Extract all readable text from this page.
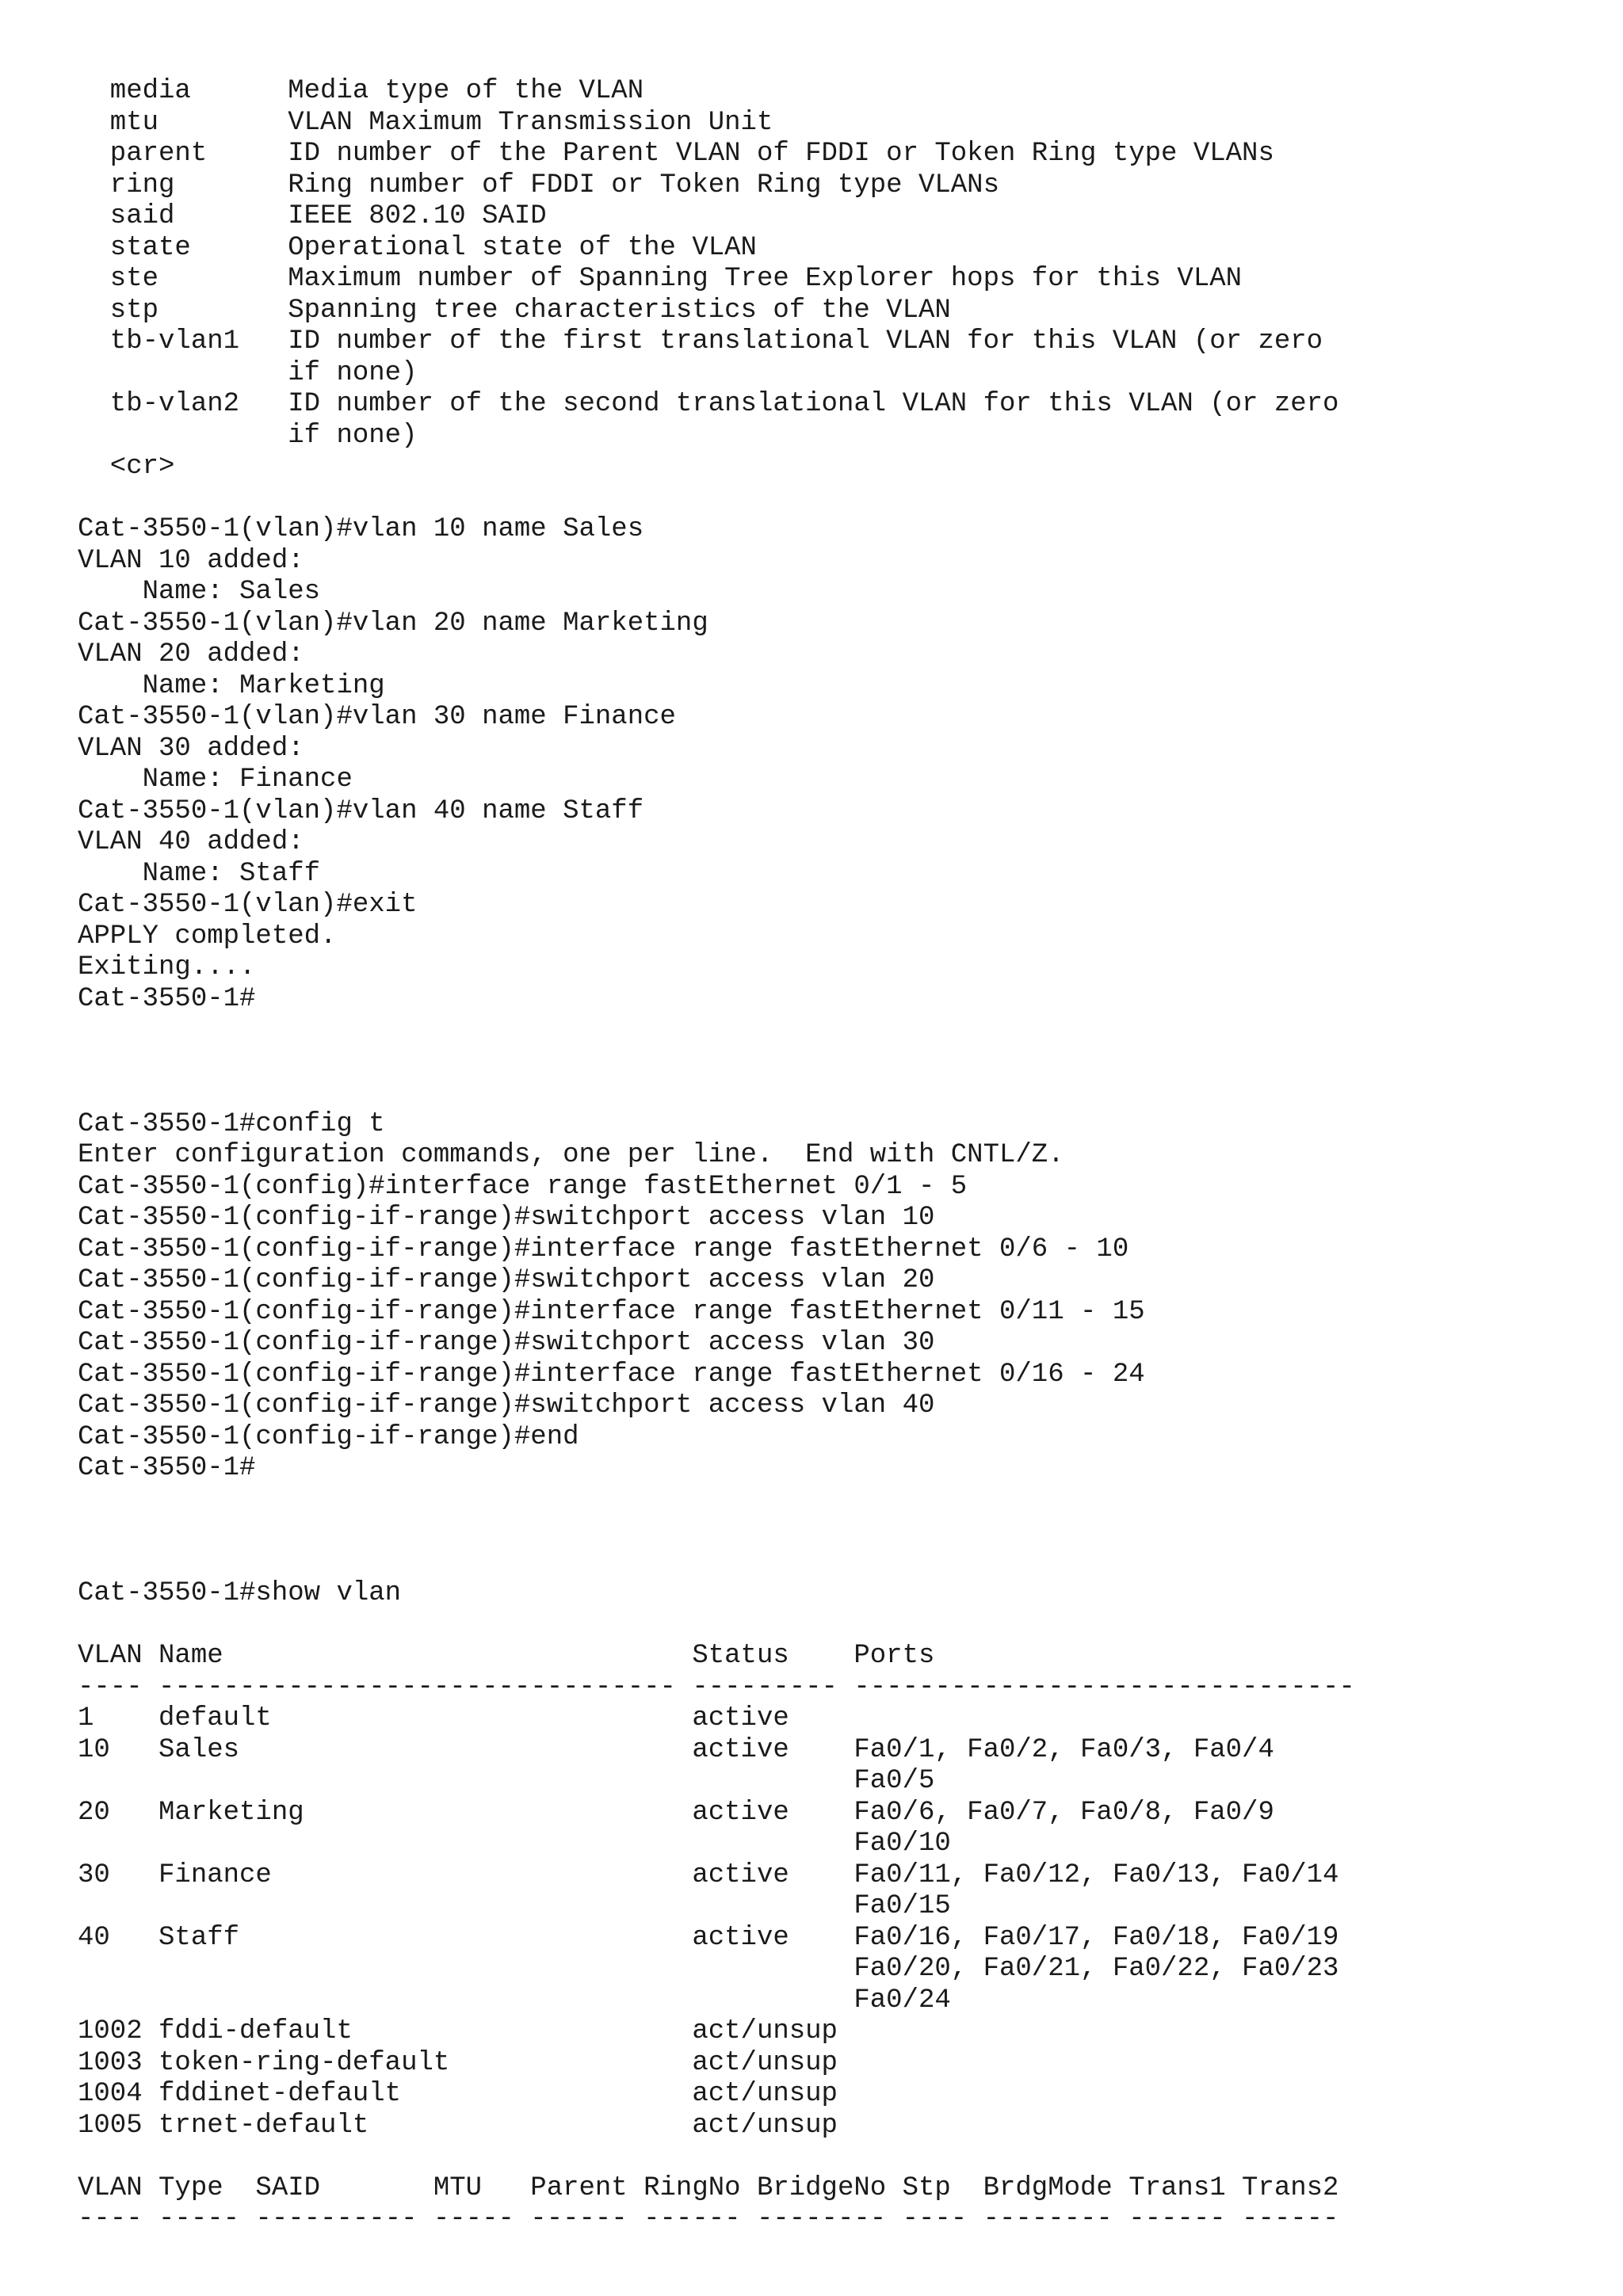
media      Media type of the VLAN
mtu        VLAN Maximum Transmission Unit
parent     ID number of the Parent VLAN of FDDI or Token Ring type VLANs
ring       Ring number of FDDI or Token Ring type VLANs
said       IEEE 802.10 SAID
state      Operational state of the VLAN
ste        Maximum number of Spanning Tree Explorer hops for this VLAN
stp        Spanning tree characteristics of the VLAN
tb-vlan1   ID number of the first translational VLAN for this VLAN (or zero
if none)
tb-vlan2   ID number of the second translational VLAN for this VLAN (or zero
if none)
<cr>
Cat-3550-1(vlan)#vlan 10 name Sales
VLAN 10 added:
Name: Sales
Cat-3550-1(vlan)#vlan 20 name Marketing
VLAN 20 added:
Name: Marketing
Cat-3550-1(vlan)#vlan 30 name Finance
VLAN 30 added:
Name: Finance
Cat-3550-1(vlan)#vlan 40 name Staff
VLAN 40 added:
Name: Staff
Cat-3550-1(vlan)#exit
APPLY completed.
Exiting....
Cat-3550-1#
Cat-3550-1#config t
Enter configuration commands, one per line.  End with CNTL/Z.
Cat-3550-1(config)#interface range fastEthernet 0/1 - 5
Cat-3550-1(config-if-range)#switchport access vlan 10
Cat-3550-1(config-if-range)#interface range fastEthernet 0/6 - 10
Cat-3550-1(config-if-range)#switchport access vlan 20
Cat-3550-1(config-if-range)#interface range fastEthernet 0/11 - 15
Cat-3550-1(config-if-range)#switchport access vlan 30
Cat-3550-1(config-if-range)#interface range fastEthernet 0/16 - 24
Cat-3550-1(config-if-range)#switchport access vlan 40
Cat-3550-1(config-if-range)#end
Cat-3550-1#
Cat-3550-1#show vlan
VLAN Name                             Status    Ports
---- -------------------------------- --------- -------------------------------
1    default                          active
10   Sales                            active    Fa0/1, Fa0/2, Fa0/3, Fa0/4
Fa0/5
20   Marketing                        active    Fa0/6, Fa0/7, Fa0/8, Fa0/9
Fa0/10
30   Finance                          active    Fa0/11, Fa0/12, Fa0/13, Fa0/14
Fa0/15
40   Staff                            active    Fa0/16, Fa0/17, Fa0/18, Fa0/19
Fa0/20, Fa0/21, Fa0/22, Fa0/23
Fa0/24
1002 fddi-default                     act/unsup
1003 token-ring-default               act/unsup
1004 fddinet-default                  act/unsup
1005 trnet-default                    act/unsup
VLAN Type  SAID       MTU   Parent RingNo BridgeNo Stp  BrdgMode Trans1 Trans2
---- ----- ---------- ----- ------ ------ -------- ---- -------- ------ ------
